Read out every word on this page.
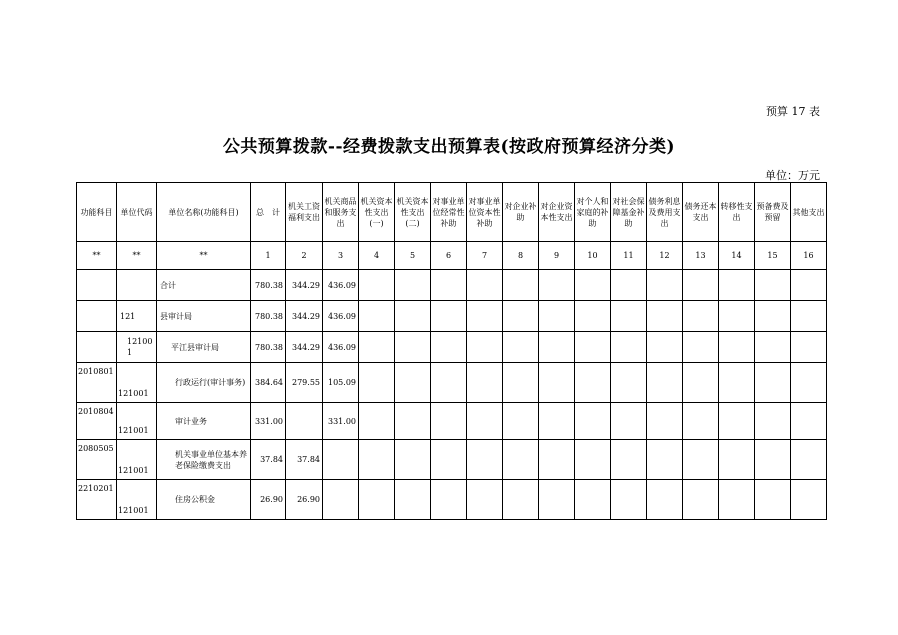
预算 17 表
公共预算拨款--经费拨款支出预算表(按政府预算经济分类)
单位：万元
功能科目	单位代码	单位名称(功能科目)	总　计	机关工资福利支出	机关商品和服务支出	机关资本性支出(一)	机关资本性支出(二)	对事业单位经常性补助	对事业单位资本性补助	对企业补助	对企业资本性支出	对个人和家庭的补助	对社会保障基金补助	债务利息及费用支出	债务还本支出	转移性支出	预备费及预留	其他支出
**	**	**	1	2	3	4	5	6	7	8	9	10	11	12	13	14	15	16
		合计	780.38	344.29	436.09													
	121	县审计局	780.38	344.29	436.09													
	121001	平江县审计局	780.38	344.29	436.09													
2010801	121001	行政运行(审计事务)	384.64	279.55	105.09													
2010804	121001	审计业务	331.00		331.00													
2080505	121001	机关事业单位基本养老保险缴费支出	37.84	37.84														
2210201	121001	住房公积金	26.90	26.90														
